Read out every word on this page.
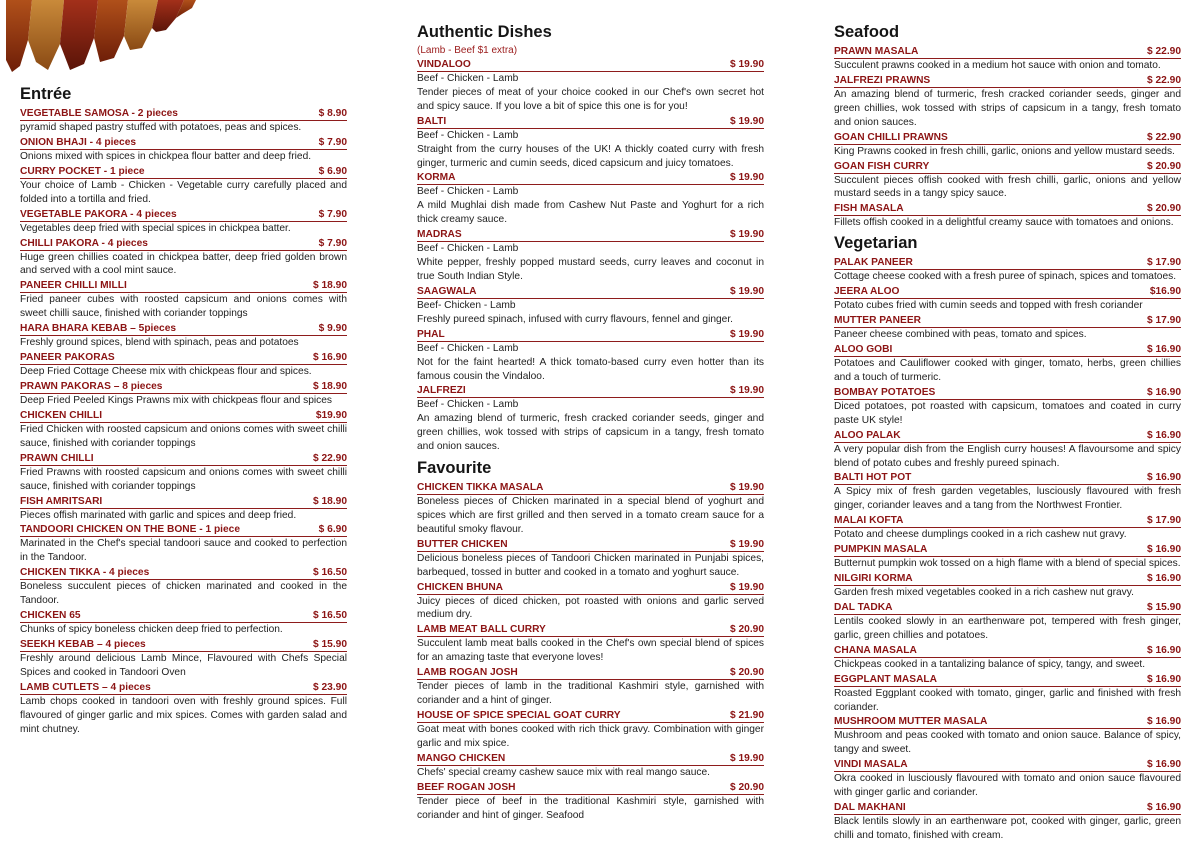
Entrée
VEGETABLE SAMOSA - 2 pieces	$ 8.90
pyramid shaped pastry stuffed with potatoes, peas and spices.
ONION BHAJI - 4 pieces	$ 7.90
Onions mixed with spices in chickpea flour batter and deep fried.
CURRY POCKET - 1 piece	$ 6.90
Your choice of Lamb - Chicken - Vegetable curry carefully placed and folded into a tortilla and fried.
VEGETABLE PAKORA - 4 pieces	$ 7.90
Vegetables deep fried with special spices in chickpea batter.
CHILLI PAKORA - 4 pieces	$ 7.90
Huge green chillies coated in chickpea batter, deep fried golden brown and served with a cool mint sauce.
PANEER CHILLI MILLI	$ 18.90
Fried paneer cubes with roosted capsicum and onions comes with sweet chilli sauce, finished with coriander toppings
HARA BHARA KEBAB – 5pieces	$ 9.90
Freshly ground spices, blend with spinach, peas and potatoes
PANEER PAKORAS	$ 16.90
Deep Fried Cottage Cheese mix with chickpeas flour and spices.
PRAWN PAKORAS – 8 pieces	$ 18.90
Deep Fried Peeled Kings Prawns mix with chickpeas flour and spices
CHICKEN CHILLI	$19.90
Fried Chicken with roosted capsicum and onions comes with sweet chilli sauce, finished with coriander toppings
PRAWN CHILLI	$ 22.90
Fried Prawns with roosted capsicum and onions comes with sweet chilli sauce, finished with coriander toppings
FISH AMRITSARI	$ 18.90
Pieces offish marinated with garlic and spices and deep fried.
TANDOORI CHICKEN ON THE BONE - 1 piece	$ 6.90
Marinated in the Chef's special tandoori sauce and cooked to perfection in the Tandoor.
CHICKEN TIKKA - 4 pieces	$ 16.50
Boneless succulent pieces of chicken marinated and cooked in the Tandoor.
CHICKEN 65	$ 16.50
Chunks of spicy boneless chicken deep fried to perfection.
SEEKH KEBAB – 4 pieces	$ 15.90
Freshly around delicious Lamb Mince, Flavoured with Chefs Special Spices and cooked in Tandoori Oven
LAMB CUTLETS – 4 pieces	$ 23.90
Lamb chops cooked in tandoori oven with freshly ground spices. Full flavoured of ginger garlic and mix spices. Comes with garden salad and mint chutney.
Authentic Dishes
(Lamb - Beef $1 extra)
VINDALOO	$ 19.90
Beef - Chicken - Lamb
Tender pieces of meat of your choice cooked in our Chef's own secret hot and spicy sauce. If you love a bit of spice this one is for you!
BALTI	$ 19.90
Beef - Chicken - Lamb
Straight from the curry houses of the UK! A thickly coated curry with fresh ginger, turmeric and cumin seeds, diced capsicum and juicy tomatoes.
KORMA	$ 19.90
Beef - Chicken - Lamb
A mild Mughlai dish made from Cashew Nut Paste and Yoghurt for a rich thick creamy sauce.
MADRAS	$ 19.90
Beef - Chicken - Lamb
White pepper, freshly popped mustard seeds, curry leaves and coconut in true South Indian Style.
SAAGWALA	$ 19.90
Beef- Chicken - Lamb
Freshly pureed spinach, infused with curry flavours, fennel and ginger.
PHAL	$ 19.90
Beef - Chicken - Lamb
Not for the faint hearted! A thick tomato-based curry even hotter than its famous cousin the Vindaloo.
JALFREZI	$ 19.90
Beef - Chicken - Lamb
An amazing blend of turmeric, fresh cracked coriander seeds, ginger and green chillies, wok tossed with strips of capsicum in a tangy, fresh tomato and onion sauces.
Favourite
CHICKEN TIKKA MASALA	$ 19.90
Boneless pieces of Chicken marinated in a special blend of yoghurt and spices which are first grilled and then served in a tomato cream sauce for a beautiful smoky flavour.
BUTTER CHICKEN	$ 19.90
Delicious boneless pieces of Tandoori Chicken marinated in Punjabi spices, barbequed, tossed in butter and cooked in a tomato and yoghurt sauce.
CHICKEN BHUNA	$ 19.90
Juicy pieces of diced chicken, pot roasted with onions and garlic served medium dry.
LAMB MEAT BALL CURRY	$ 20.90
Succulent lamb meat balls cooked in the Chef's own special blend of spices for an amazing taste that everyone loves!
LAMB ROGAN JOSH	$ 20.90
Tender pieces of lamb in the traditional Kashmiri style, garnished with coriander and a hint of ginger.
HOUSE OF SPICE SPECIAL GOAT CURRY	$ 21.90
Goat meat with bones cooked with rich thick gravy. Combination with ginger garlic and mix spice.
MANGO CHICKEN	$ 19.90
Chefs' special creamy cashew sauce mix with real mango sauce.
BEEF ROGAN JOSH	$ 20.90
Tender piece of beef in the traditional Kashmiri style, garnished with coriander and hint of ginger. Seafood
Seafood
PRAWN MASALA	$ 22.90
Succulent prawns cooked in a medium hot sauce with onion and tomato.
JALFREZI PRAWNS	$ 22.90
An amazing blend of turmeric, fresh cracked coriander seeds, ginger and green chillies, wok tossed with strips of capsicum in a tangy, fresh tomato and onion sauces.
GOAN CHILLI PRAWNS	$ 22.90
King Prawns cooked in fresh chilli, garlic, onions and yellow mustard seeds.
GOAN FISH CURRY	$ 20.90
Succulent pieces offish cooked with fresh chilli, garlic, onions and yellow mustard seeds in a tangy spicy sauce.
FISH MASALA	$ 20.90
Fillets offish cooked in a delightful creamy sauce with tomatoes and onions.
Vegetarian
PALAK PANEER	$ 17.90
Cottage cheese cooked with a fresh puree of spinach, spices and tomatoes.
JEERA ALOO	$16.90
Potato cubes fried with cumin seeds and topped with fresh coriander
MUTTER PANEER	$ 17.90
Paneer cheese combined with peas, tomato and spices.
ALOO GOBI	$ 16.90
Potatoes and Cauliflower cooked with ginger, tomato, herbs, green chillies and a touch of turmeric.
BOMBAY POTATOES	$ 16.90
Diced potatoes, pot roasted with capsicum, tomatoes and coated in curry paste UK style!
ALOO PALAK	$ 16.90
A very popular dish from the English curry houses! A flavoursome and spicy blend of potato cubes and freshly pureed spinach.
BALTI HOT POT	$ 16.90
A Spicy mix of fresh garden vegetables, lusciously flavoured with fresh ginger, coriander leaves and a tang from the Northwest Frontier.
MALAI KOFTA	$ 17.90
Potato and cheese dumplings cooked in a rich cashew nut gravy.
PUMPKIN MASALA	$ 16.90
Butternut pumpkin wok tossed on a high flame with a blend of special spices.
NILGIRI KORMA	$ 16.90
Garden fresh mixed vegetables cooked in a rich cashew nut gravy.
DAL TADKA	$ 15.90
Lentils cooked slowly in an earthenware pot, tempered with fresh ginger, garlic, green chillies and potatoes.
CHANA MASALA	$ 16.90
Chickpeas cooked in a tantalizing balance of spicy, tangy, and sweet.
EGGPLANT MASALA	$ 16.90
Roasted Eggplant cooked with tomato, ginger, garlic and finished with fresh coriander.
MUSHROOM MUTTER MASALA	$ 16.90
Mushroom and peas cooked with tomato and onion sauce. Balance of spicy, tangy and sweet.
VINDI MASALA	$ 16.90
Okra cooked in lusciously flavoured with tomato and onion sauce flavoured with ginger garlic and coriander.
DAL MAKHANI	$ 16.90
Black lentils slowly in an earthenware pot, cooked with ginger, garlic, green chilli and tomato, finished with cream.
